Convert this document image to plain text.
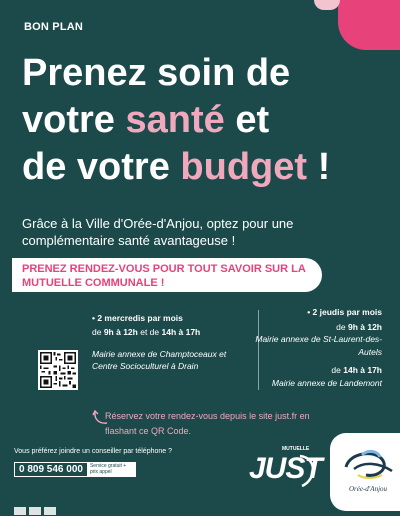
BON PLAN
Prenez soin de
votre santé et
de votre budget !
Grâce à la Ville d'Orée-d'Anjou, optez pour une complémentaire santé avantageuse !
PRENEZ RENDEZ-VOUS POUR TOUT SAVOIR SUR LA MUTUELLE COMMUNALE !
• 2 mercredis par mois
de 9h à 12h et de 14h à 17h
Mairie annexe de Champtoceaux et Centre Socioculturel à Drain
• 2 jeudis par mois
de 9h à 12h
Mairie annexe de St-Laurent-des-Autels
de 14h à 17h
Mairie annexe de Landemont
Réservez votre rendez-vous depuis le site just.fr en flashant ce QR Code.
Vous préférez joindre un conseiller par téléphone ?
0 809 546 000	Service gratuit + prix appel
MUTUELLE
JUST
Orée-d'Anjou
